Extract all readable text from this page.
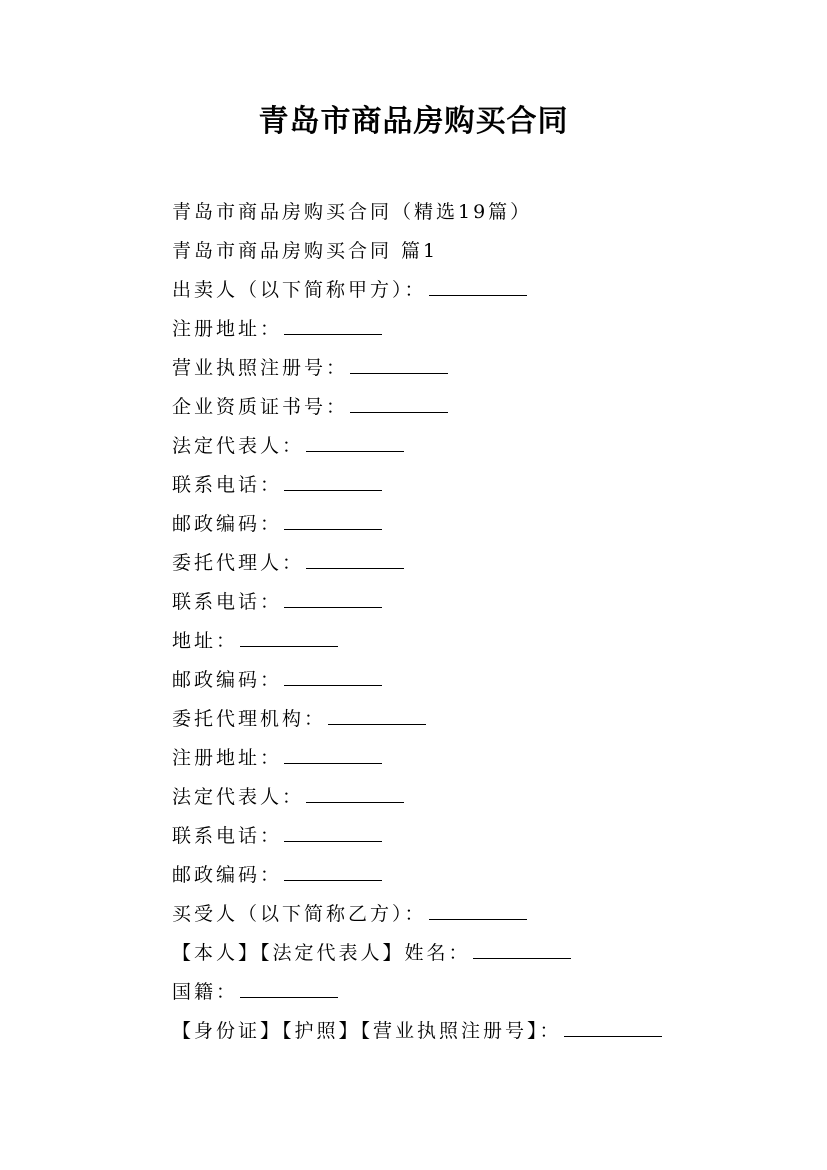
青岛市商品房购买合同
青岛市商品房购买合同（精选19篇）
青岛市商品房购买合同 篇1
出卖人（以下简称甲方）：
注册地址：
营业执照注册号：
企业资质证书号：
法定代表人：
联系电话：
邮政编码：
委托代理人：
联系电话：
地址：
邮政编码：
委托代理机构：
注册地址：
法定代表人：
联系电话：
邮政编码：
买受人（以下简称乙方）：
【本人】【法定代表人】姓名：
国籍：
【身份证】【护照】【营业执照注册号】：
